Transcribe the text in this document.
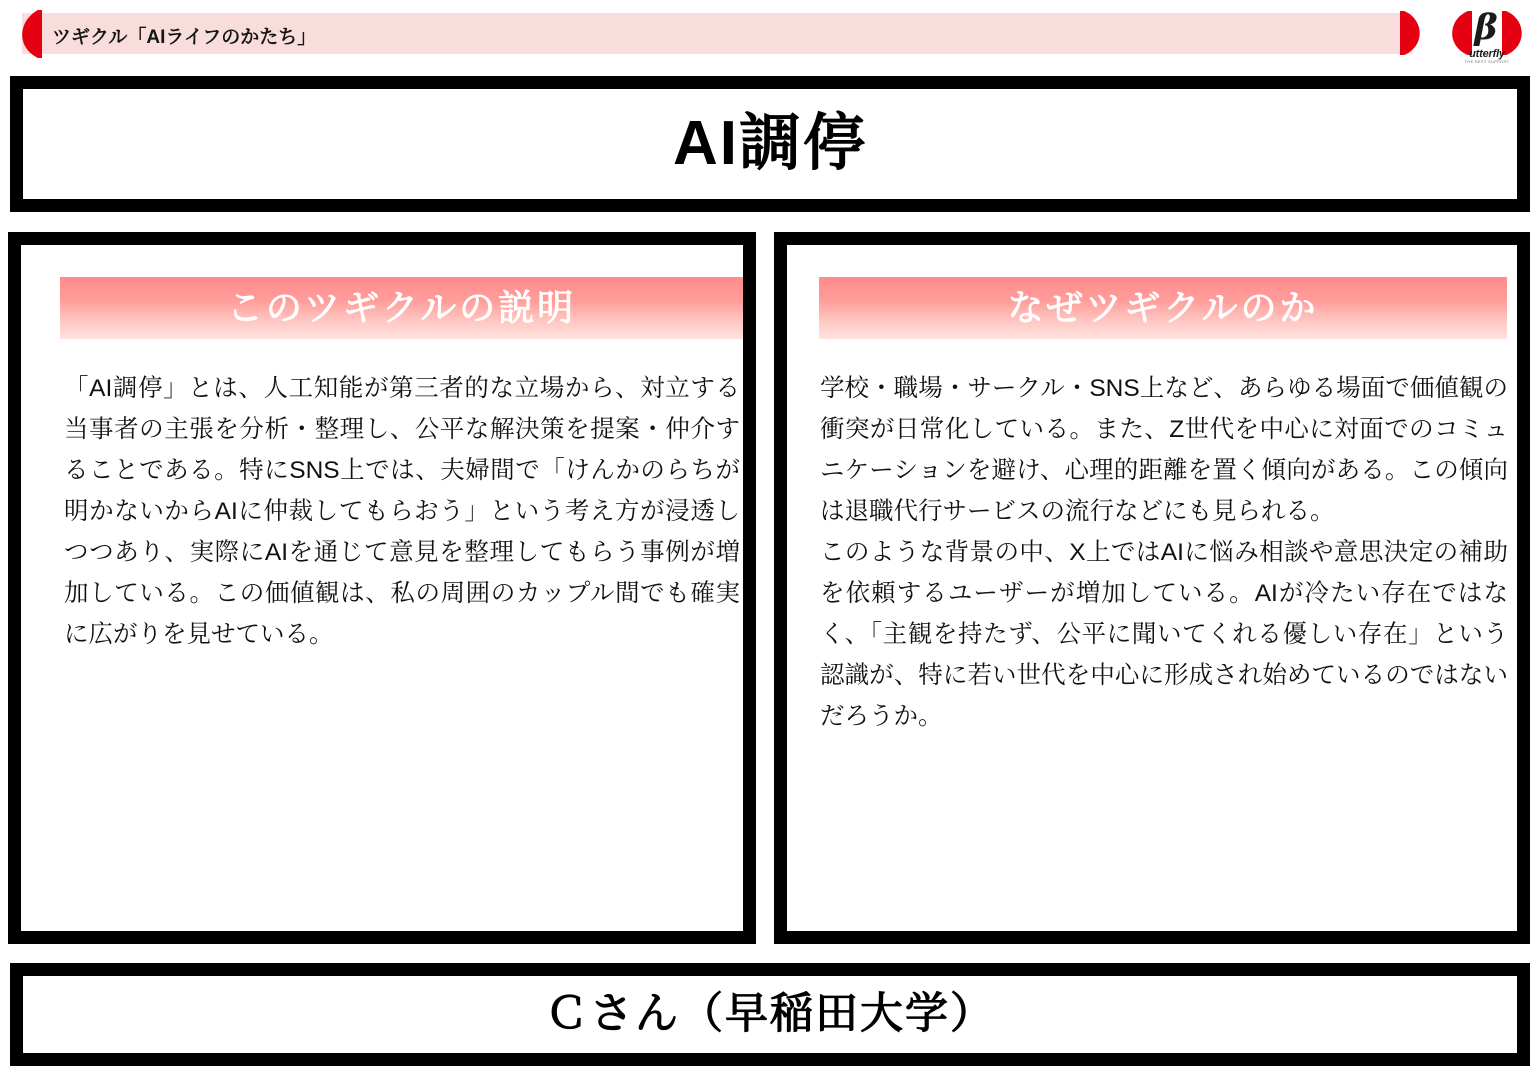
ツギクル「AIライフのかたち」	β
utterfly
THE BEST SUPPORT
AI調停
このツギクルの説明

「AI調停」とは、人工知能が第三者的な立場から、対立する当事者の主張を分析・整理し、公平な解決策を提案・仲介することである。特にSNS上では、夫婦間で「けんかのらちが明かないからAIに仲裁してもらおう」という考え方が浸透しつつあり、実際にAIを通じて意見を整理してもらう事例が増加している。この価値観は、私の周囲のカップル間でも確実に広がりを見せている。

なぜツギクルのか

学校・職場・サークル・SNS上など、あらゆる場面で価値観の衝突が日常化している。また、Z世代を中心に対面でのコミュニケーションを避け、心理的距離を置く傾向がある。この傾向は退職代行サービスの流行などにも見られる。

このような背景の中、X上ではAIに悩み相談や意思決定の補助を依頼するユーザーが増加している。AIが冷たい存在ではなく、「主観を持たず、公平に聞いてくれる優しい存在」という認識が、特に若い世代を中心に形成され始めているのではないだろうか。

Ｃさん（早稲田大学）
